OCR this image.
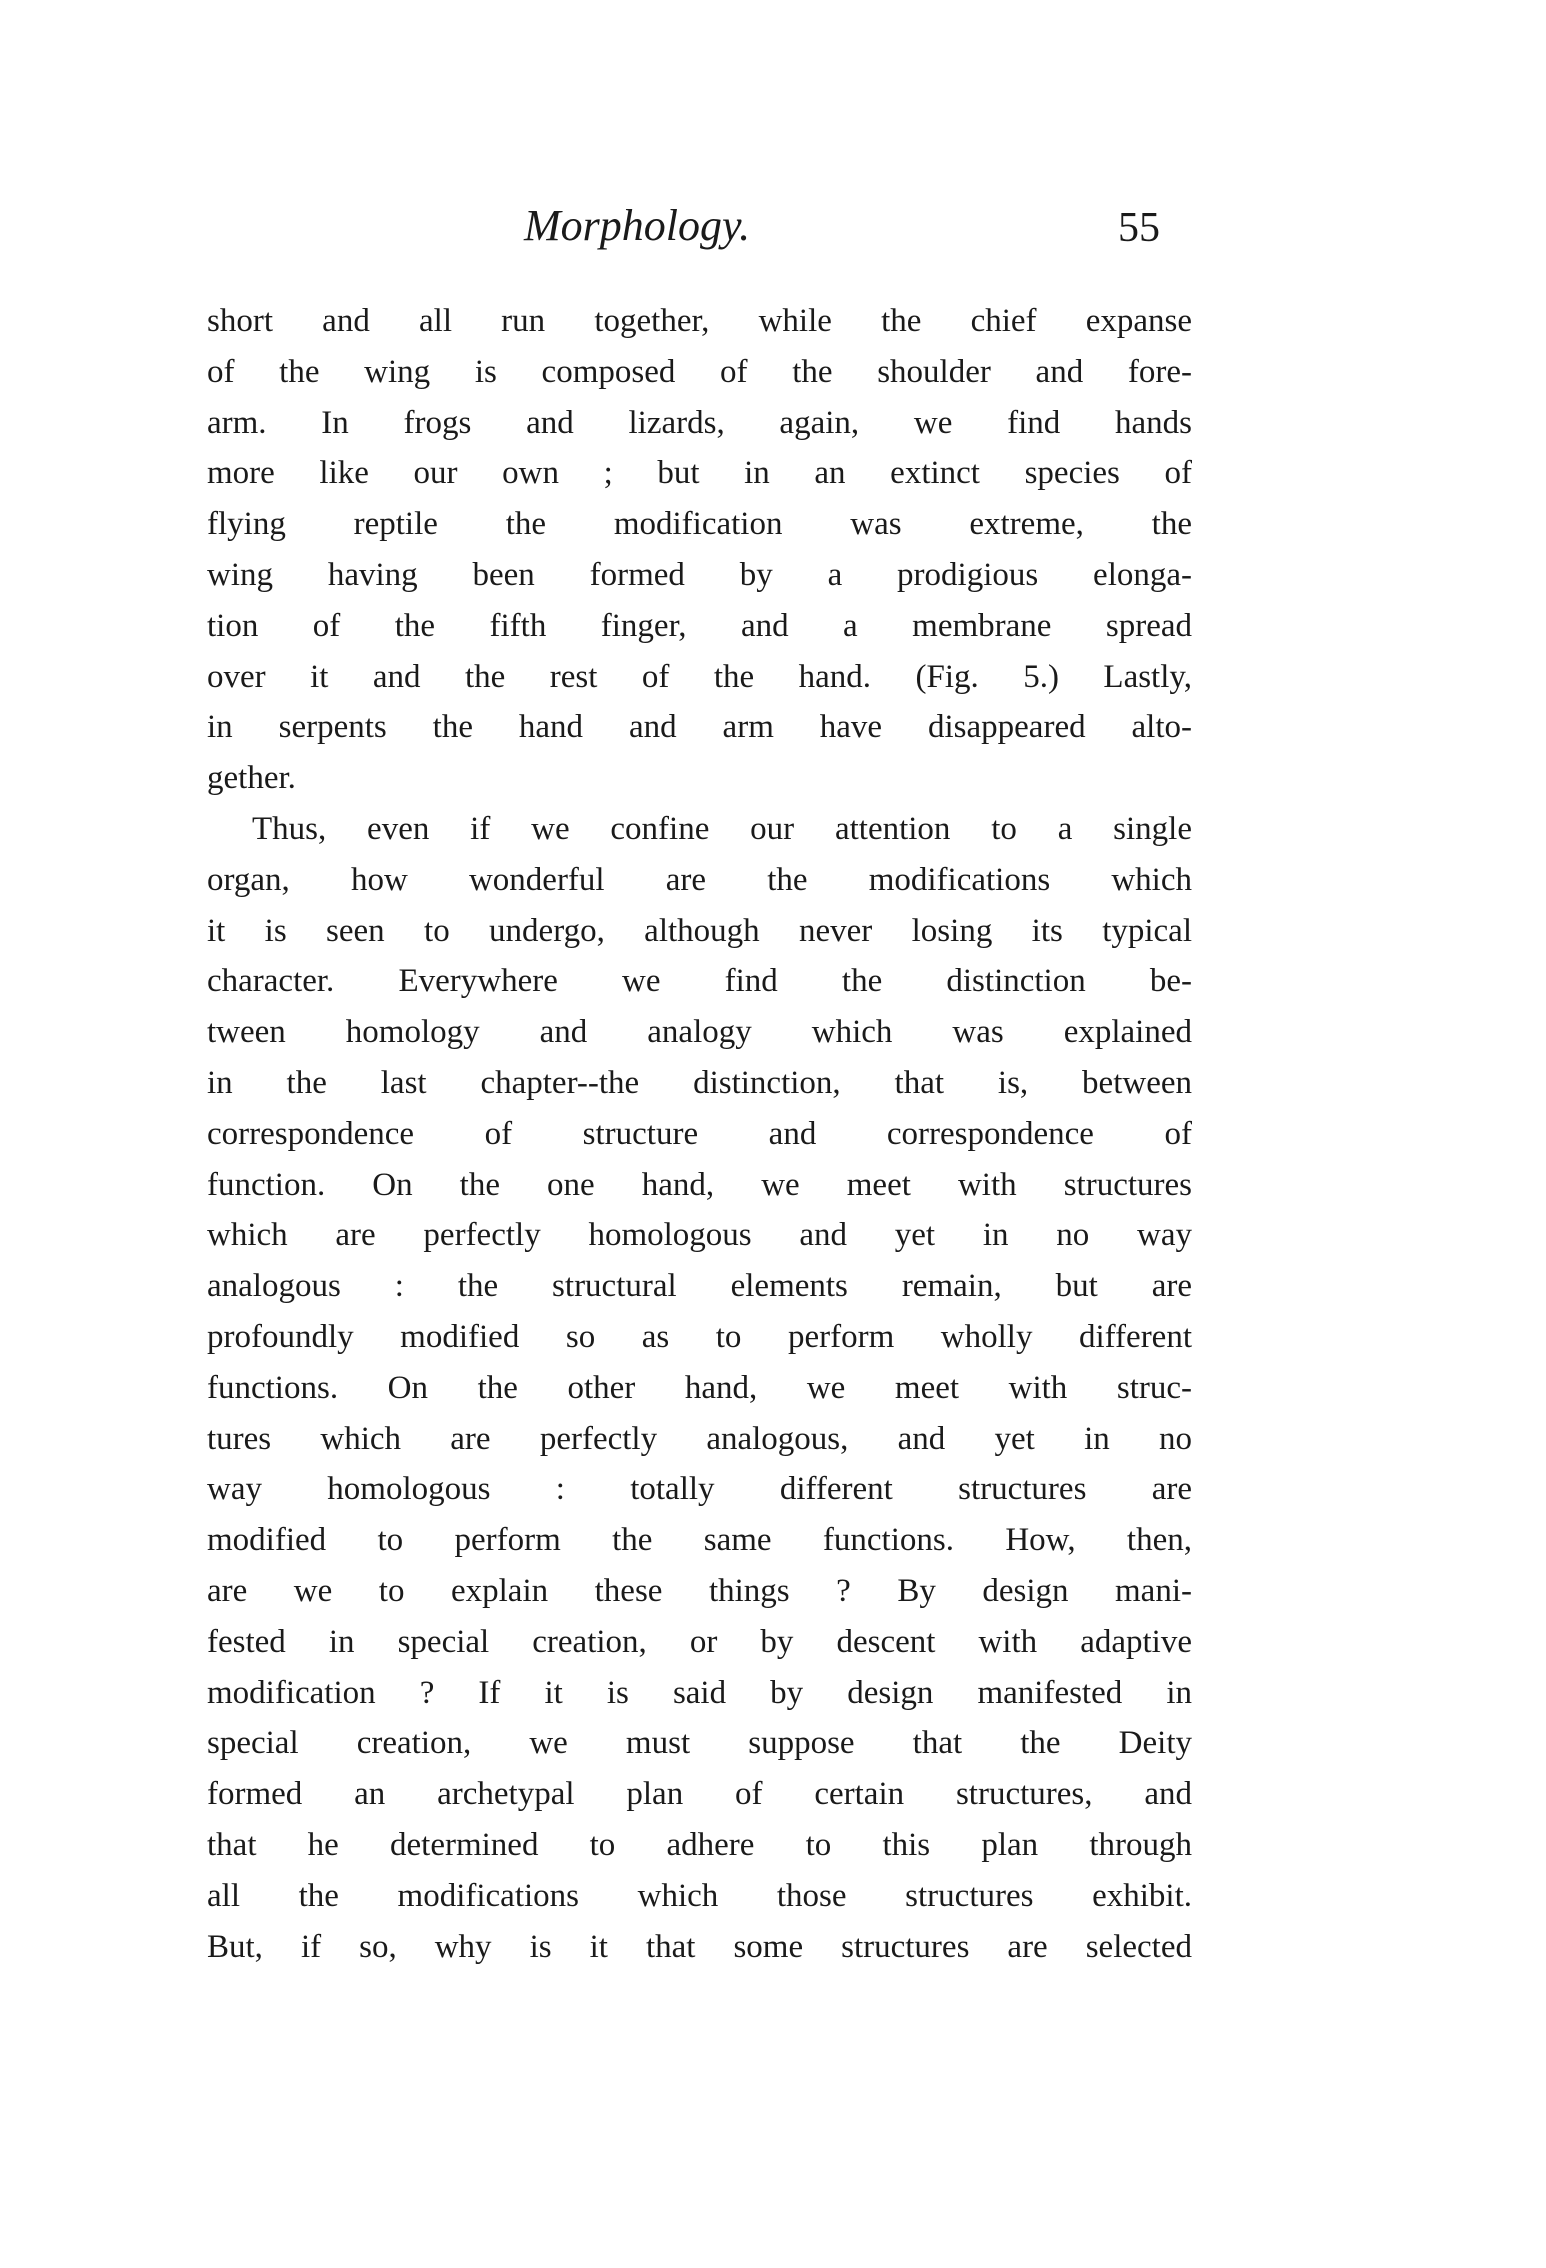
Morphology.	55
short and all run together, while the chief expanse
of the wing is composed of the shoulder and fore-
arm. In frogs and lizards, again, we find hands
more like our own ; but in an extinct species of
flying reptile the modification was extreme, the
wing having been formed by a prodigious elonga-
tion of the fifth finger, and a membrane spread
over it and the rest of the hand. (Fig. 5.) Lastly,
in serpents the hand and arm have disappeared alto-
gether.
Thus, even if we confine our attention to a single
organ, how wonderful are the modifications which
it is seen to undergo, although never losing its typical
character. Everywhere we find the distinction be-
tween homology and analogy which was explained
in the last chapter--the distinction, that is, between
correspondence of structure and correspondence of
function. On the one hand, we meet with structures
which are perfectly homologous and yet in no way
analogous : the structural elements remain, but are
profoundly modified so as to perform wholly different
functions. On the other hand, we meet with struc-
tures which are perfectly analogous, and yet in no
way homologous : totally different structures are
modified to perform the same functions. How, then,
are we to explain these things ? By design mani-
fested in special creation, or by descent with adaptive
modification ? If it is said by design manifested in
special creation, we must suppose that the Deity
formed an archetypal plan of certain structures, and
that he determined to adhere to this plan through
all the modifications which those structures exhibit.
But, if so, why is it that some structures are selected
